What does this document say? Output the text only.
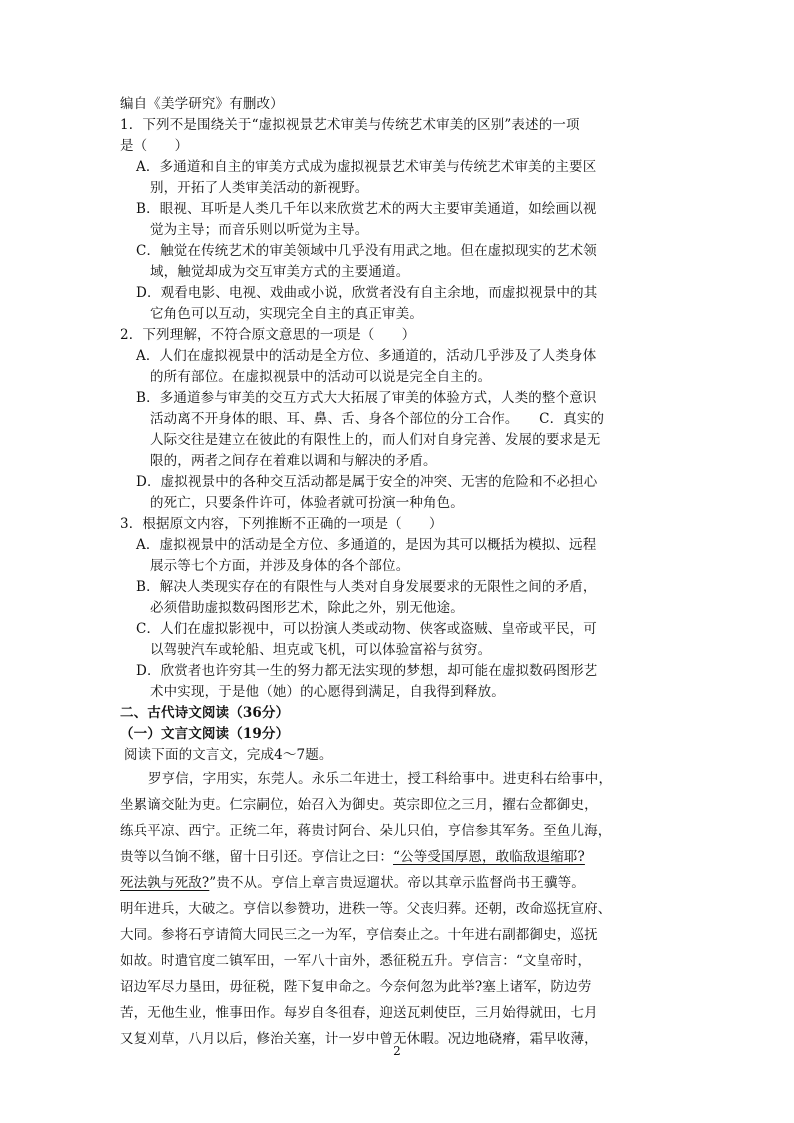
编自《美学研究》有删改）
1．下列不是围绕关于“虚拟视景艺术审美与传统艺术审美的区别”表述的一项
是（　　）
A．多通道和自主的审美方式成为虚拟视景艺术审美与传统艺术审美的主要区
别，开拓了人类审美活动的新视野。
B．眼视、耳听是人类几千年以来欣赏艺术的两大主要审美通道，如绘画以视
觉为主导；而音乐则以听觉为主导。
C．触觉在传统艺术的审美领域中几乎没有用武之地。但在虚拟现实的艺术领
域，触觉却成为交互审美方式的主要通道。
D．观看电影、电视、戏曲或小说，欣赏者没有自主余地，而虚拟视景中的其
它角色可以互动，实现完全自主的真正审美。
2．下列理解，不符合原文意思的一项是（　　）
A．人们在虚拟视景中的活动是全方位、多通道的，活动几乎涉及了人类身体
的所有部位。在虚拟视景中的活动可以说是完全自主的。
B．多通道参与审美的交互方式大大拓展了审美的体验方式，人类的整个意识
活动离不开身体的眼、耳、鼻、舌、身各个部位的分工合作。　　C．真实的
人际交往是建立在彼此的有限性上的，而人们对自身完善、发展的要求是无
限的，两者之间存在着难以调和与解决的矛盾。
D．虚拟视景中的各种交互活动都是属于安全的冲突、无害的危险和不必担心
的死亡，只要条件许可，体验者就可扮演一种角色。
3．根据原文内容，下列推断不正确的一项是（　　）
A．虚拟视景中的活动是全方位、多通道的，是因为其可以概括为模拟、远程
展示等七个方面，并涉及身体的各个部位。
B．解决人类现实存在的有限性与人类对自身发展要求的无限性之间的矛盾，
必须借助虚拟数码图形艺术，除此之外，别无他途。
C．人们在虚拟影视中，可以扮演人类或动物、侠客或盗贼、皇帝或平民，可
以驾驶汽车或轮船、坦克或飞机，可以体验富裕与贫穷。
D．欣赏者也许穷其一生的努力都无法实现的梦想，却可能在虚拟数码图形艺
术中实现，于是他（她）的心愿得到满足，自我得到释放。
二、古代诗文阅读（36分）
（一）文言文阅读（19分）
阅读下面的文言文，完成4～7题。
罗亨信，字用实，东莞人。永乐二年进士，授工科给事中。进吏科右给事中，
坐累谪交阯为吏。仁宗嗣位，始召入为御史。英宗即位之三月，擢右佥都御史，
练兵平凉、西宁。正统二年，蒋贵讨阿台、朵儿只伯，亨信参其军务。至鱼儿海，
贵等以刍饷不继，留十日引还。亨信让之曰：“公等受国厚恩，敢临敌退缩耶?
死法孰与死敌?”贵不从。亨信上章言贵逗遛状。帝以其章示监督尚书王骥等。
明年进兵，大破之。亨信以参赞功，进秩一等。父丧归葬。还朝，改命巡抚宣府、
大同。参将石亨请简大同民三之一为军，亨信奏止之。十年进右副都御史，巡抚
如故。时遣官度二镇军田，一军八十亩外，悉征税五升。亨信言：“文皇帝时，
诏边军尽力垦田，毋征税，陛下复申命之。今奈何忽为此举?塞上诸军，防边劳
苦，无他生业，惟事田作。每岁自冬徂春，迎送瓦剌使臣，三月始得就田，七月
又复刈草，八月以后，修治关塞，计一岁中曾无休暇。况边地硗瘠，霜早收薄，
2
